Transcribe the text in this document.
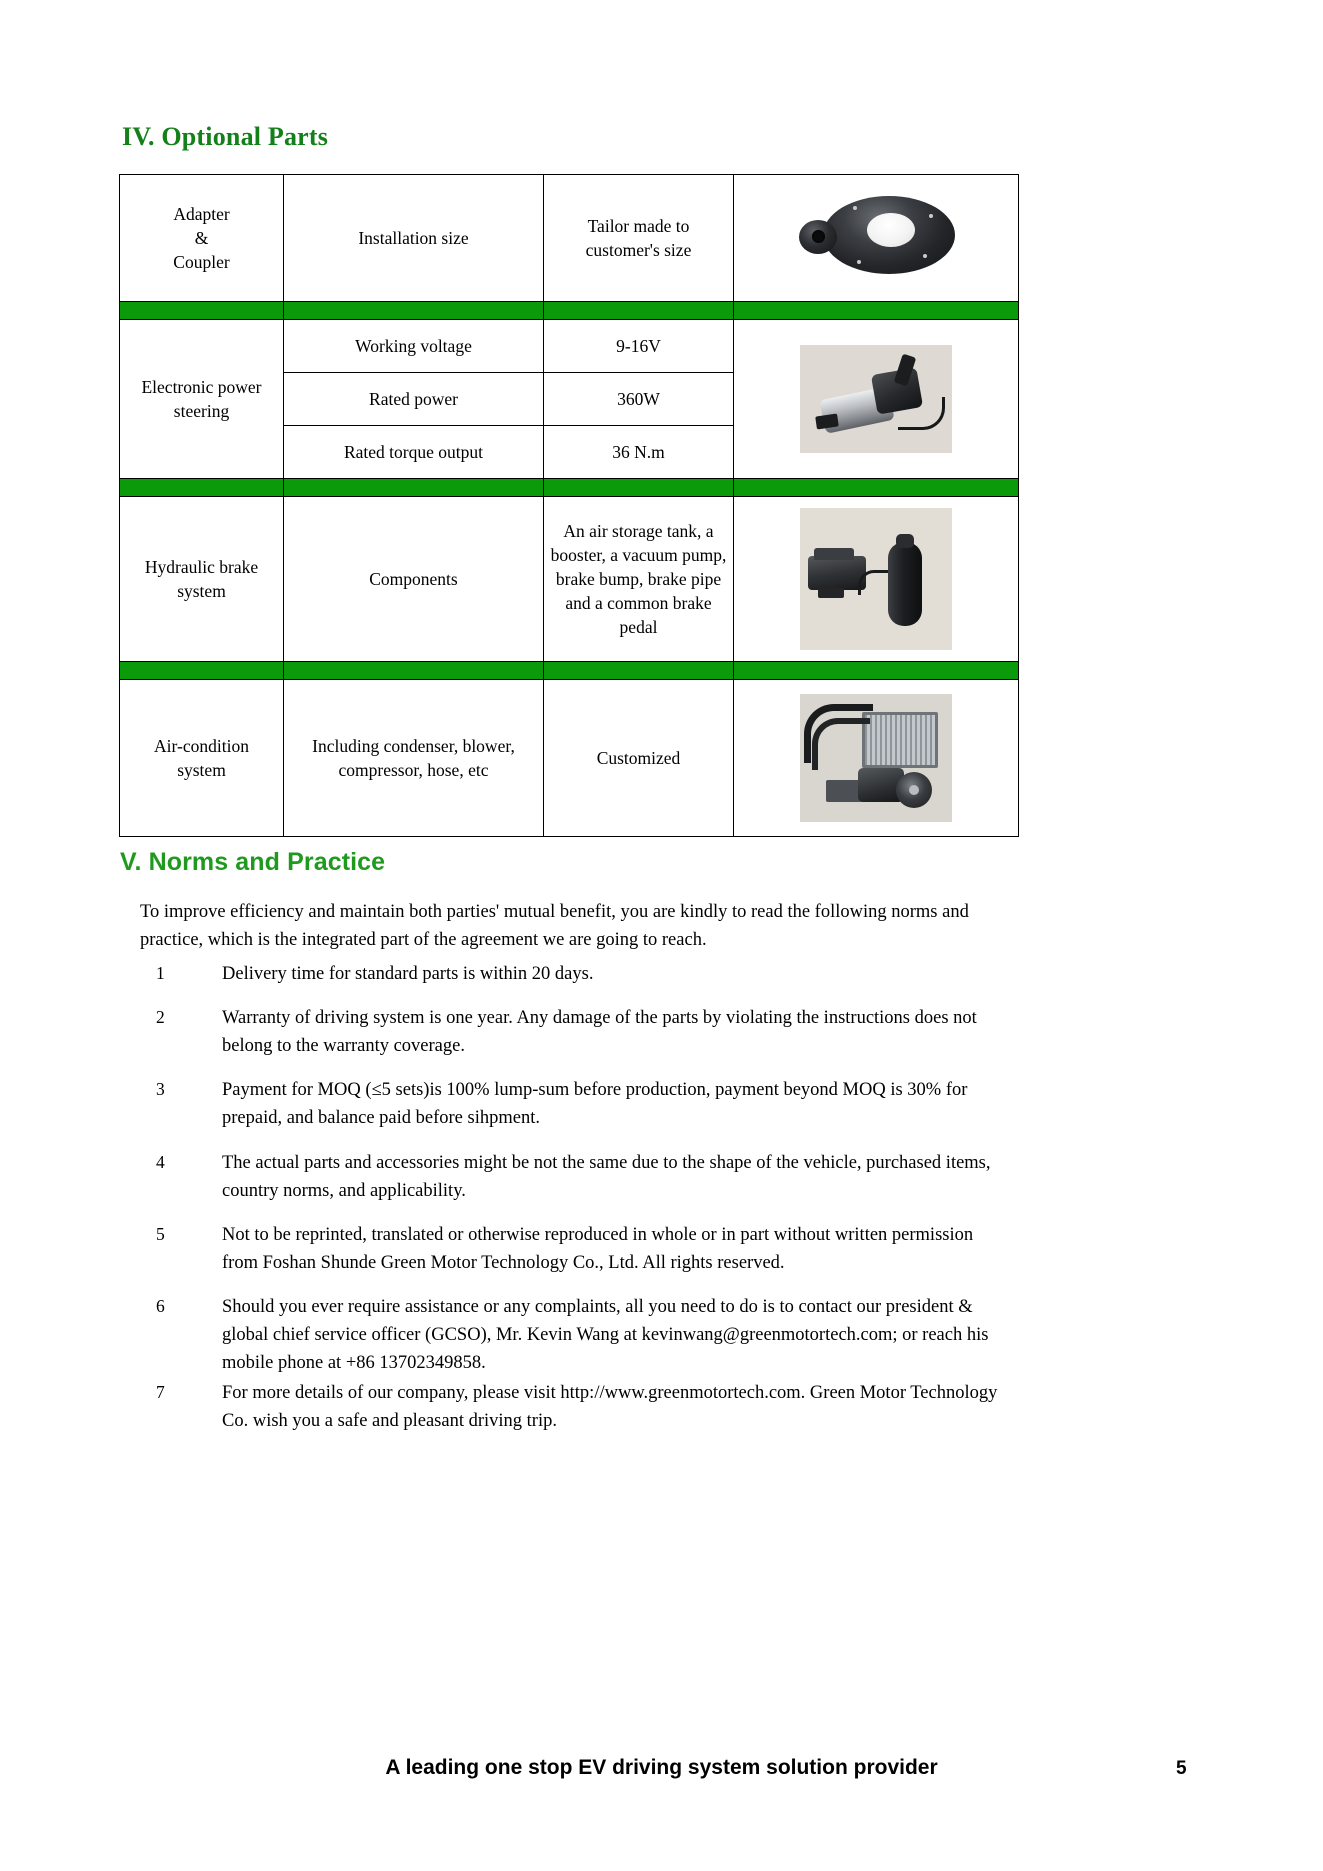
IV. Optional Parts
Adapter
&
Coupler	Installation size	Tailor made to customer's size	

Electronic power
steering	Working voltage	9-16V	

	Rated power	360W	
	Rated torque output	36 N.m	

Hydraulic brake
system	Components	An air storage tank, a booster, a vacuum pump, brake bump, brake pipe and a common brake pedal	

Air-condition
system	Including condenser, blower, compressor, hose, etc	Customized	
V. Norms and Practice
To improve efficiency and maintain both parties' mutual benefit, you are kindly to read the following norms and practice, which is the integrated part of the agreement we are going to reach.
1	Delivery time for standard parts is within 20 days.
2	Warranty of driving system is one year. Any damage of the parts by violating the instructions does not belong to the warranty coverage.
3	Payment for MOQ (≤5 sets)is 100% lump-sum before production, payment beyond MOQ is 30% for prepaid, and balance paid before sihpment.
4	The actual parts and accessories might be not the same due to the shape of the vehicle, purchased items, country norms, and applicability.
5	Not to be reprinted, translated or otherwise reproduced in whole or in part without written permission from Foshan Shunde Green Motor Technology Co., Ltd. All rights reserved.
6	Should you ever require assistance or any complaints, all you need to do is to contact our president & global chief service officer (GCSO), Mr. Kevin Wang at kevinwang@greenmotortech.com; or reach his mobile phone at +86 13702349858.
7	For more details of our company, please visit http://www.greenmotortech.com. Green Motor Technology Co. wish you a safe and pleasant driving trip.
A leading one stop EV driving system solution provider	5
